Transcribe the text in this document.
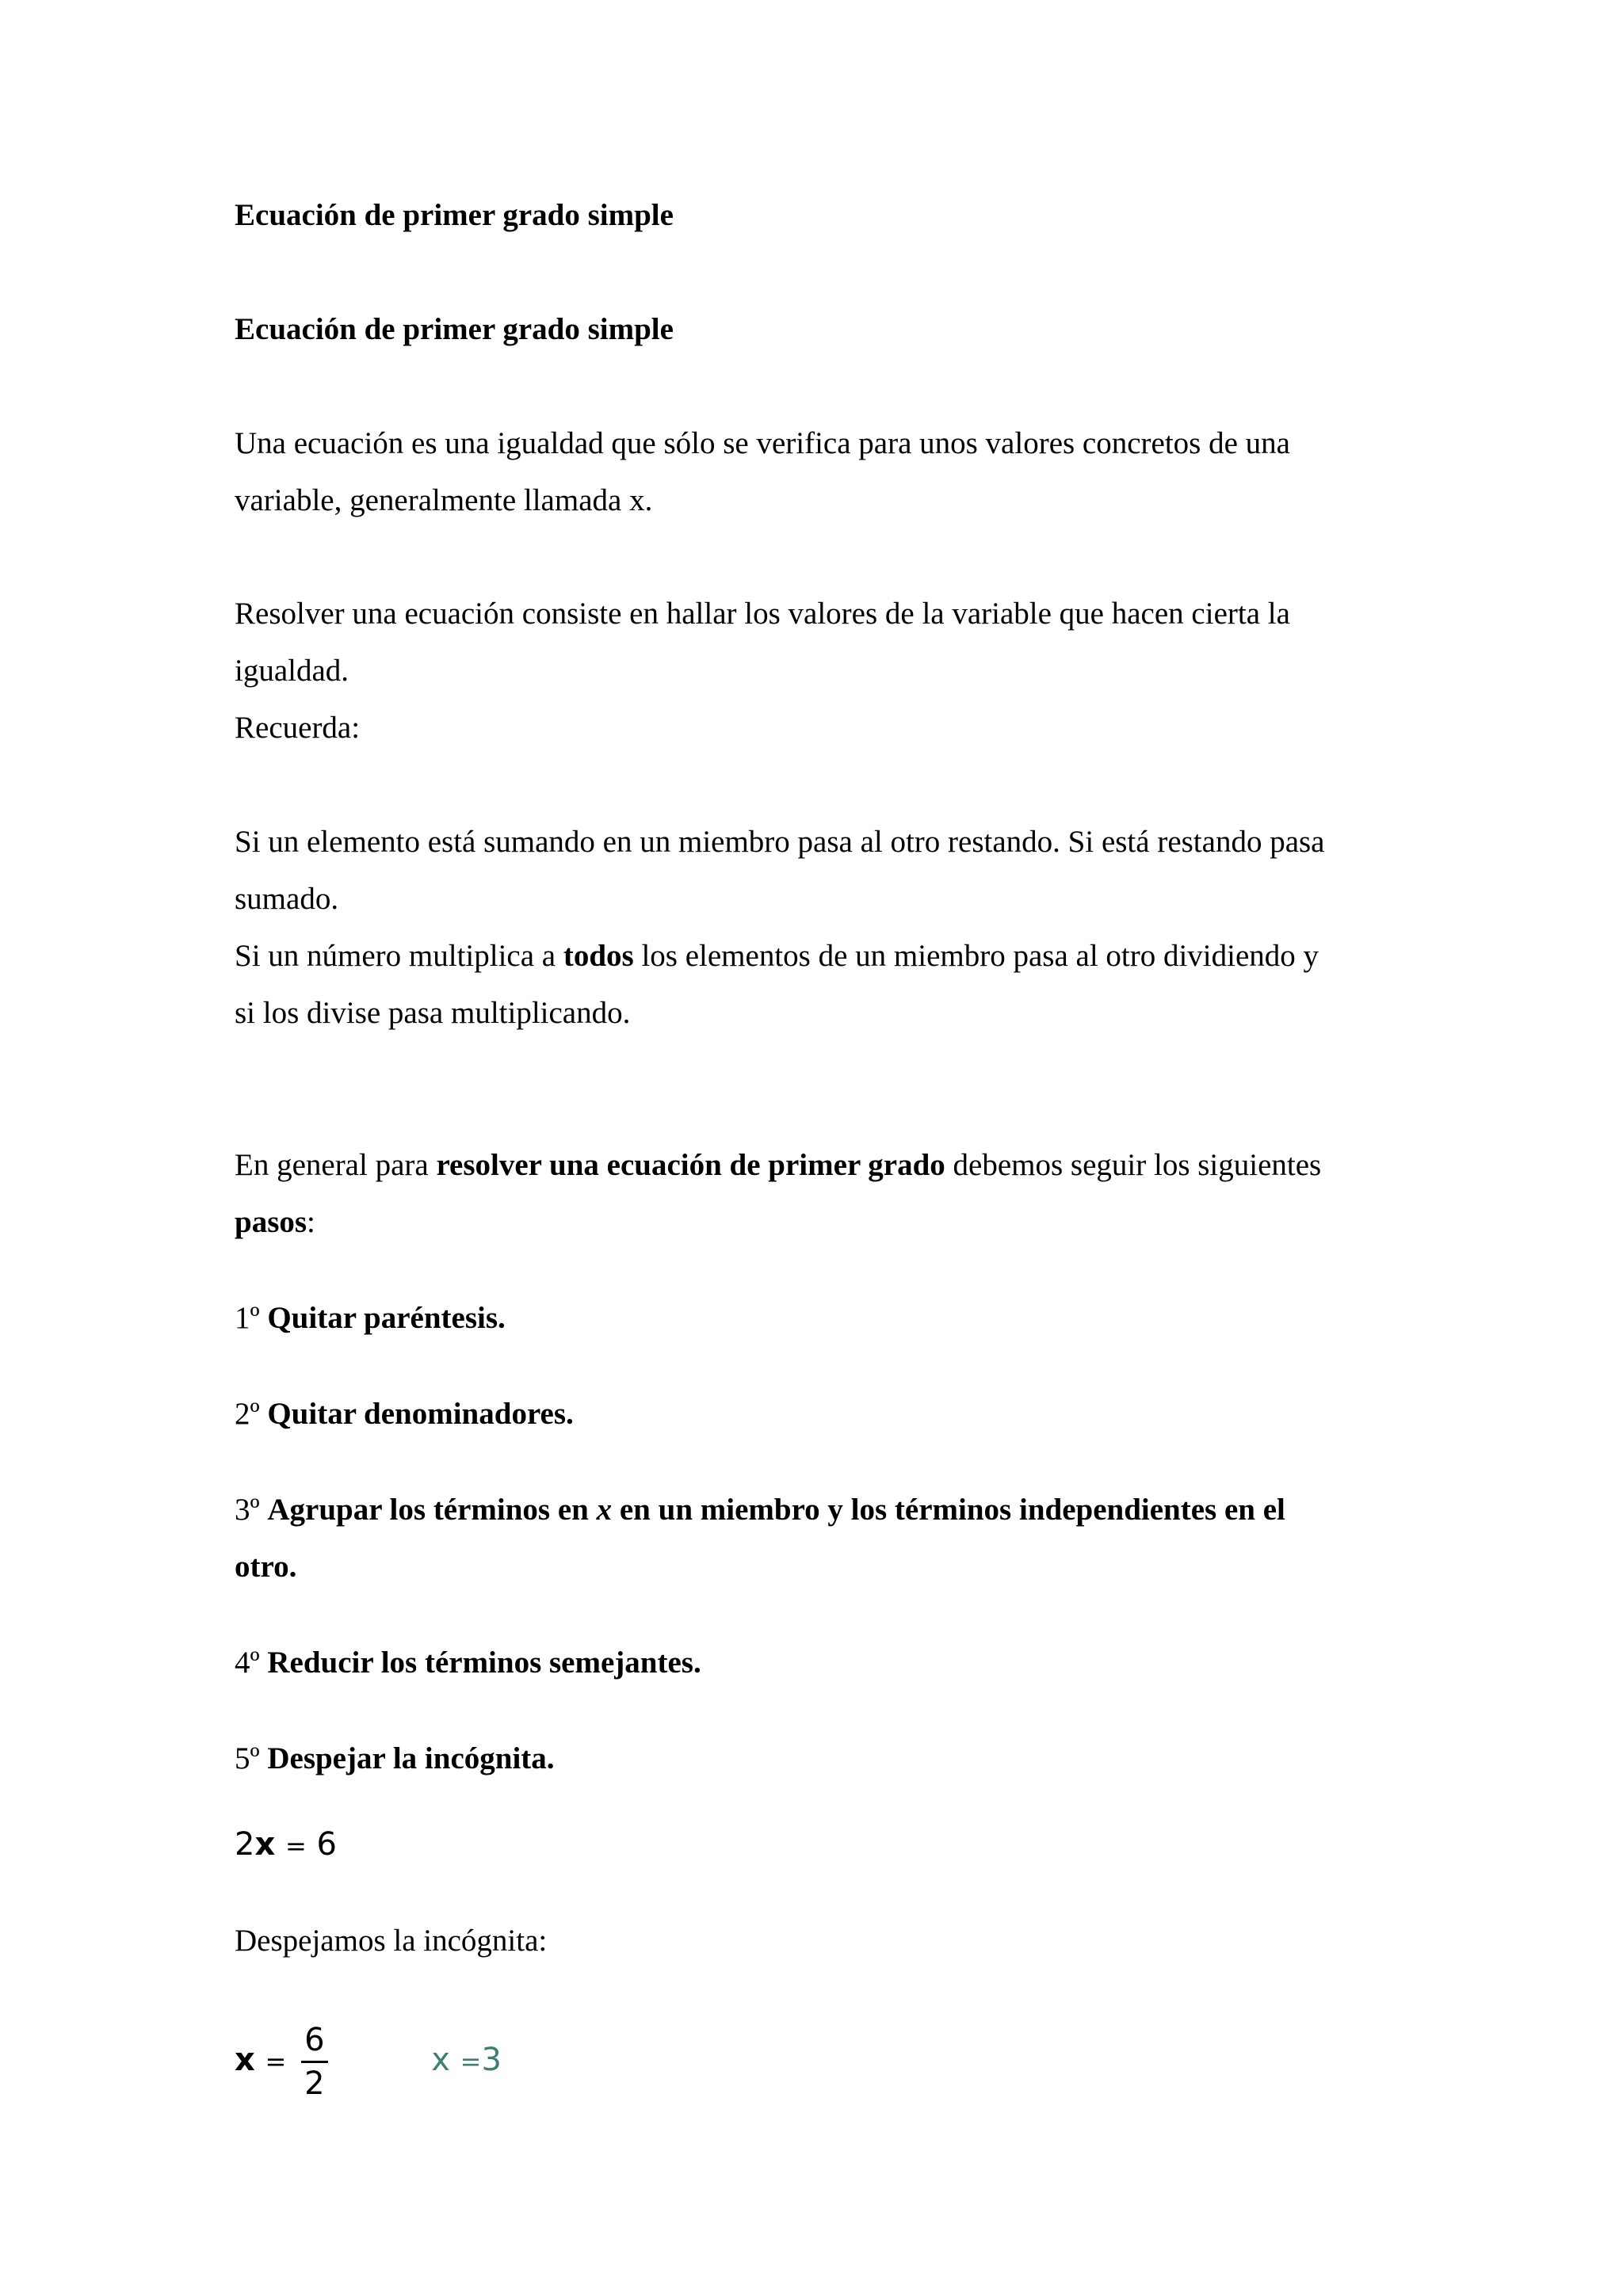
Ecuación de primer grado simple

Ecuación de primer grado simple

Una ecuación es una igualdad que sólo se verifica para unos valores concretos de una
variable, generalmente llamada x.

Resolver una ecuación consiste en hallar los valores de la variable que hacen cierta la
igualdad.
Recuerda:

Si un elemento está sumando en un miembro pasa al otro restando. Si está restando pasa
sumado.
Si un número multiplica a todos los elementos de un miembro pasa al otro dividiendo y
si los divise pasa multiplicando.

En general para resolver una ecuación de primer grado debemos seguir los siguientes
pasos:

1º Quitar paréntesis.

2º Quitar denominadores.

3º Agrupar los términos en x en un miembro y los términos independientes en el
otro.

4º Reducir los términos semejantes.

5º Despejar la incógnita.

2x = 6

Despejamos la incógnita:

$x = \frac{6}{2}$	x =3
